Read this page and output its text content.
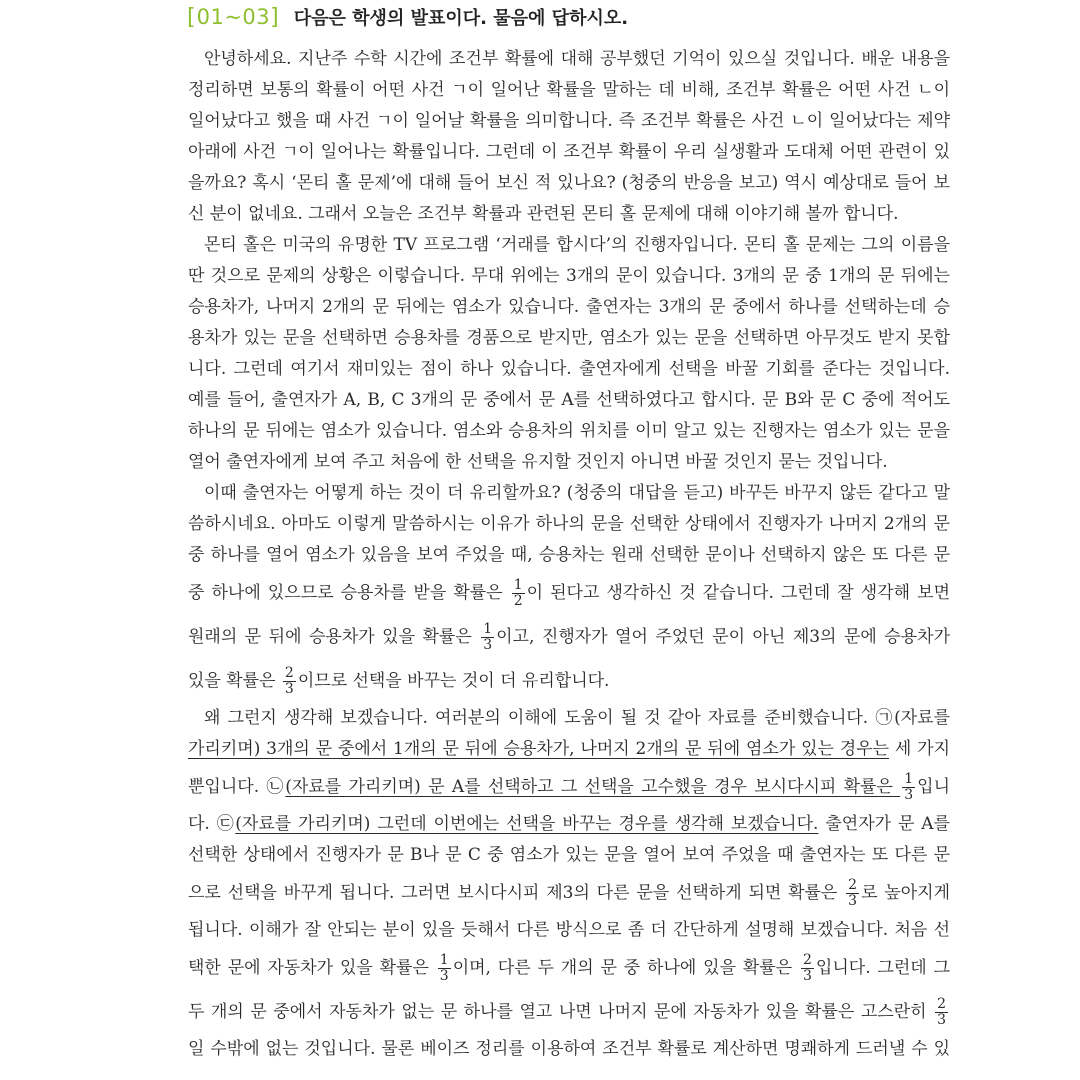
[ 01~03 ] 다음은 학생의 발표이다. 물음에 답하시오.
안녕하세요. 지난주 수학 시간에 조건부 확률에 대해 공부했던 기억이 있으실 것입니다. 배운 내용을
정리하면 보통의 확률이 어떤 사건 ㄱ이 일어난 확률을 말하는 데 비해, 조건부 확률은 어떤 사건 ㄴ이
일어났다고 했을 때 사건 ㄱ이 일어날 확률을 의미합니다. 즉 조건부 확률은 사건 ㄴ이 일어났다는 제약
아래에 사건 ㄱ이 일어나는 확률입니다. 그런데 이 조건부 확률이 우리 실생활과 도대체 어떤 관련이 있
을까요? 혹시 ‘몬티 홀 문제’에 대해 들어 보신 적 있나요? (청중의 반응을 보고) 역시 예상대로 들어 보
신 분이 없네요. 그래서 오늘은 조건부 확률과 관련된 몬티 홀 문제에 대해 이야기해 볼까 합니다.
몬티 홀은 미국의 유명한 TV 프로그램 ‘거래를 합시다’의 진행자입니다. 몬티 홀 문제는 그의 이름을
딴 것으로 문제의 상황은 이렇습니다. 무대 위에는 3개의 문이 있습니다. 3개의 문 중 1개의 문 뒤에는
승용차가, 나머지 2개의 문 뒤에는 염소가 있습니다. 출연자는 3개의 문 중에서 하나를 선택하는데 승
용차가 있는 문을 선택하면 승용차를 경품으로 받지만, 염소가 있는 문을 선택하면 아무것도 받지 못합
니다. 그런데 여기서 재미있는 점이 하나 있습니다. 출연자에게 선택을 바꿀 기회를 준다는 것입니다.
예를 들어, 출연자가 A, B, C 3개의 문 중에서 문 A를 선택하였다고 합시다. 문 B와 문 C 중에 적어도
하나의 문 뒤에는 염소가 있습니다. 염소와 승용차의 위치를 이미 알고 있는 진행자는 염소가 있는 문을
열어 출연자에게 보여 주고 처음에 한 선택을 유지할 것인지 아니면 바꿀 것인지 묻는 것입니다.
이때 출연자는 어떻게 하는 것이 더 유리할까요? (청중의 대답을 듣고) 바꾸든 바꾸지 않든 같다고 말
씀하시네요. 아마도 이렇게 말씀하시는 이유가 하나의 문을 선택한 상태에서 진행자가 나머지 2개의 문
중 하나를 열어 염소가 있음을 보여 주었을 때, 승용차는 원래 선택한 문이나 선택하지 않은 또 다른 문
중 하나에 있으므로 승용차를 받을 확률은 $\frac{1}{2}$ 이 된다고 생각하신 것 같습니다. 그런데 잘 생각해 보면
원래의 문 뒤에 승용차가 있을 확률은 $\frac{1}{3}$ 이고, 진행자가 열어 주었던 문이 아닌 제3의 문에 승용차가
있을 확률은 $\frac{2}{3}$ 이므로 선택을 바꾸는 것이 더 유리합니다.
왜 그런지 생각해 보겠습니다. 여러분의 이해에 도움이 될 것 같아 자료를 준비했습니다. ㉠(자료를
가리키며) 3개의 문 중에서 1개의 문 뒤에 승용차가, 나머지 2개의 문 뒤에 염소가 있는 경우는 세 가지
뿐입니다. ㉡(자료를 가리키며) 문 A를 선택하고 그 선택을 고수했을 경우 보시다시피 확률은 $\frac{1}{3}$ 입니
다. ㉢(자료를 가리키며) 그런데 이번에는 선택을 바꾸는 경우를 생각해 보겠습니다. 출연자가 문 A를
선택한 상태에서 진행자가 문 B나 문 C 중 염소가 있는 문을 열어 보여 주었을 때 출연자는 또 다른 문
으로 선택을 바꾸게 됩니다. 그러면 보시다시피 제3의 다른 문을 선택하게 되면 확률은 $\frac{2}{3}$ 로 높아지게
됩니다. 이해가 잘 안되는 분이 있을 듯해서 다른 방식으로 좀 더 간단하게 설명해 보겠습니다. 처음 선
택한 문에 자동차가 있을 확률은 $\frac{1}{3}$ 이며, 다른 두 개의 문 중 하나에 있을 확률은 $\frac{2}{3}$ 입니다. 그런데 그
두 개의 문 중에서 자동차가 없는 문 하나를 열고 나면 나머지 문에 자동차가 있을 확률은 고스란히 $\frac{2}{3}$
일 수밖에 없는 것입니다. 물론 베이즈 정리를 이용하여 조건부 확률로 계산하면 명쾌하게 드러낼 수 있
